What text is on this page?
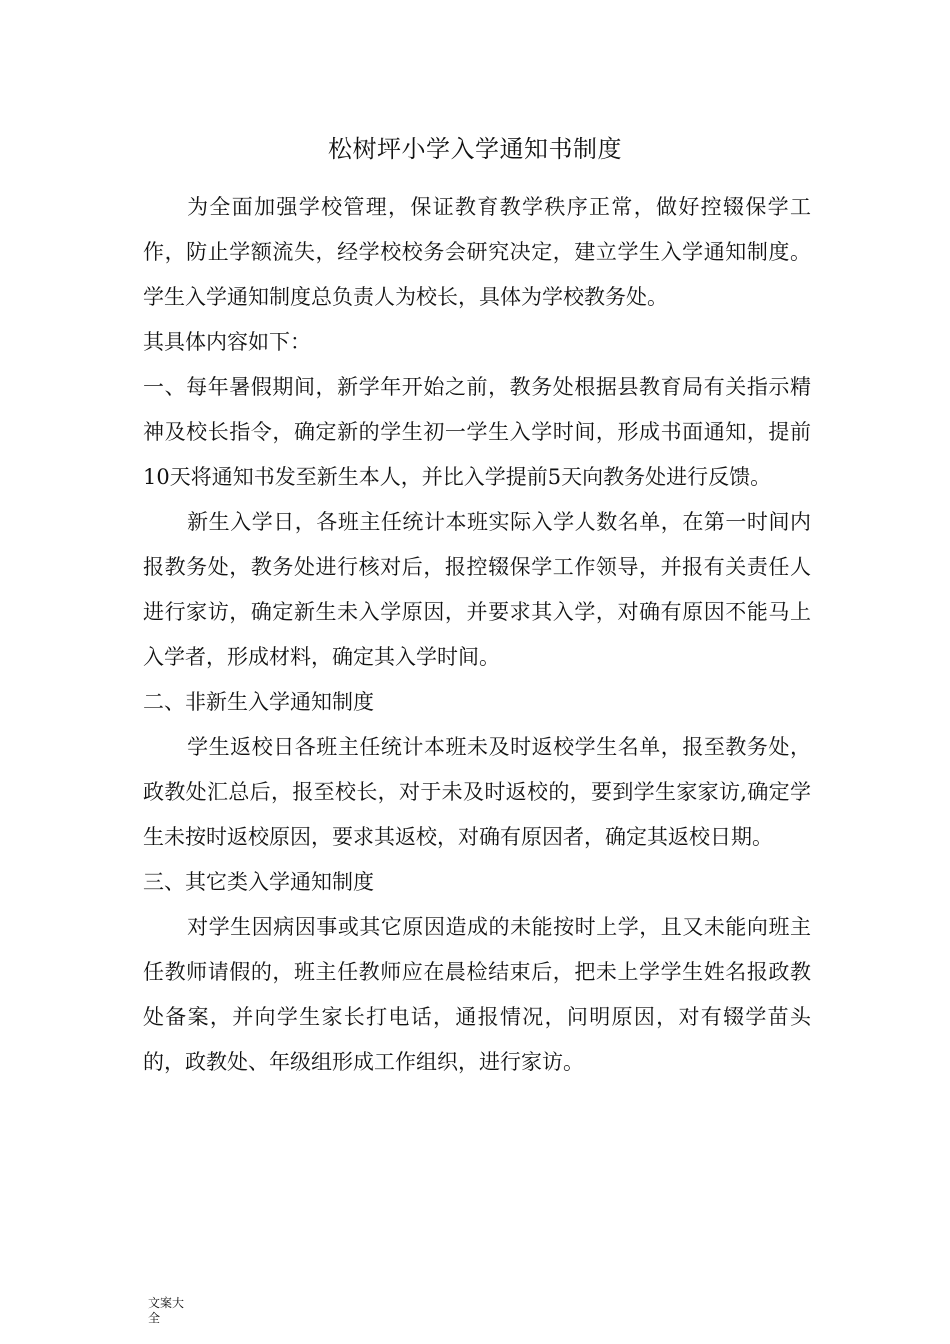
松树坪小学入学通知书制度

为全面加强学校管理，保证教育教学秩序正常，做好控辍保学工作，防止学额流失，经学校校务会研究决定，建立学生入学通知制度。学生入学通知制度总负责人为校长，具体为学校教务处。

其具体内容如下：

一、每年暑假期间，新学年开始之前，教务处根据县教育局有关指示精神及校长指令，确定新的学生初一学生入学时间，形成书面通知，提前10天将通知书发至新生本人，并比入学提前5天向教务处进行反馈。

新生入学日，各班主任统计本班实际入学人数名单，在第一时间内报教务处，教务处进行核对后，报控辍保学工作领导，并报有关责任人进行家访，确定新生未入学原因，并要求其入学，对确有原因不能马上入学者，形成材料，确定其入学时间。

二、非新生入学通知制度

学生返校日各班主任统计本班未及时返校学生名单，报至教务处，政教处汇总后，报至校长，对于未及时返校的，要到学生家家访,确定学生未按时返校原因，要求其返校，对确有原因者，确定其返校日期。

三、其它类入学通知制度

对学生因病因事或其它原因造成的未能按时上学，且又未能向班主任教师请假的，班主任教师应在晨检结束后，把未上学学生姓名报政教处备案，并向学生家长打电话，通报情况，问明原因，对有辍学苗头的，政教处、年级组形成工作组织，进行家访。

文案大全
